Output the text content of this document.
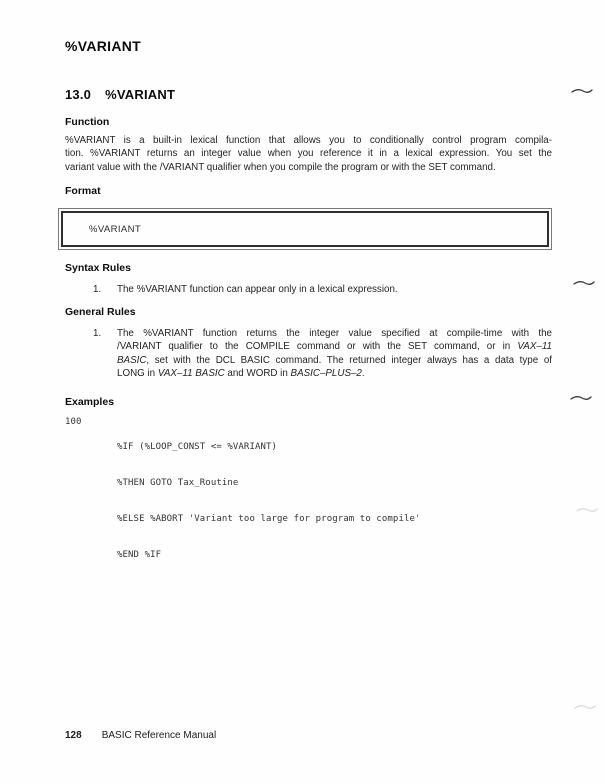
%VARIANT
13.0 %VARIANT
Function
%VARIANT is a built-in lexical function that allows you to conditionally control program compila-
tion. %VARIANT returns an integer value when you reference it in a lexical expression. You set the
variant value with the /VARIANT qualifier when you compile the program or with the SET command.
Format
%VARIANT
Syntax Rules
1.	The %VARIANT function can appear only in a lexical expression.
General Rules
1.	The %VARIANT function returns the integer value specified at compile-time with the
/VARIANT qualifier to the COMPILE command or with the SET command, or in VAX–11
BASIC, set with the DCL BASIC command. The returned integer always has a data type of
LONG in VAX–11 BASIC and WORD in BASIC–PLUS–2.
Examples
100

%IF (%LOOP_CONST <= %VARIANT)

%THEN GOTO Tax_Routine

%ELSE %ABORT 'Variant too large for program to compile'

%END %IF

128 BASIC Reference Manual
